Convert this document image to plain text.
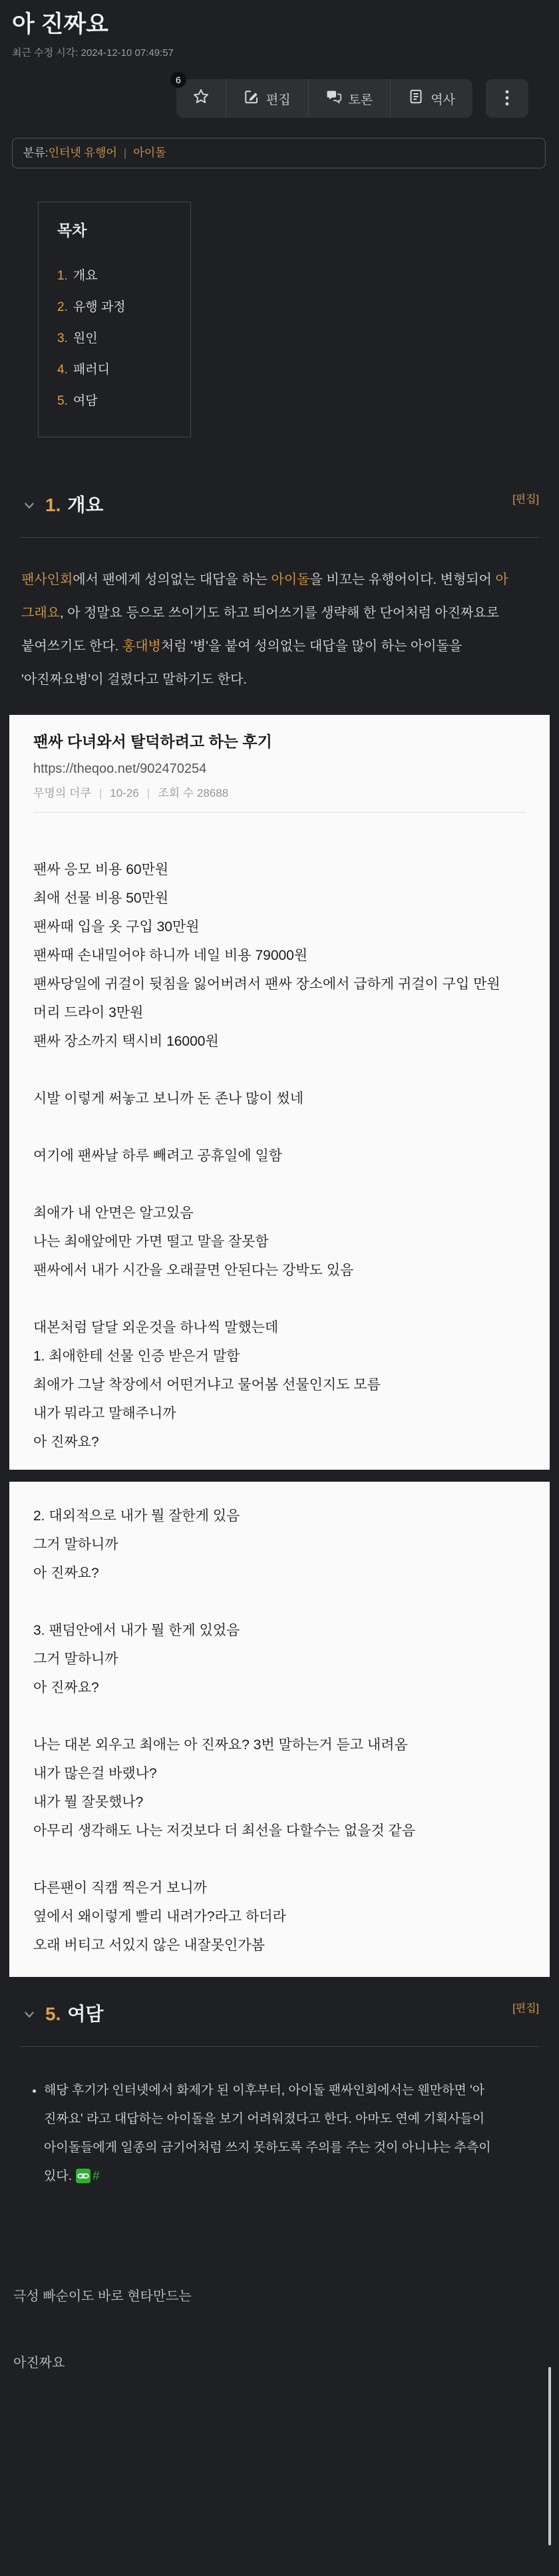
아 진짜요
최근 수정 시각: 2024-12-10 07:49:57
6
편집	토론	역사
분류:인터넷 유행어 | 아이돌
목차
1. 개요
2. 유행 과정
3. 원인
4. 패러디
5. 여담
1. 개요	[편집]

팬사인회에서 팬에게 성의없는 대답을 하는 아이돌을 비꼬는 유행어이다. 변형되어 아 그래요, 아 정말요 등으로 쓰이기도 하고 띄어쓰기를 생략해 한 단어처럼 아진짜요로 붙여쓰기도 한다. 홍대병처럼 '병'을 붙여 성의없는 대답을 많이 하는 아이돌을 '아진짜요병'이 걸렸다고 말하기도 한다.

팬싸 다녀와서 탈덕하려고 하는 후기
https://theqoo.net/902470254
무명의 더쿠 | 10-26 | 조회 수 28688
팬싸 응모 비용 60만원
최애 선물 비용 50만원
팬싸때 입을 옷 구입 30만원
팬싸때 손내밀어야 하니까 네일 비용 79000원
팬싸당일에 귀걸이 뒷침을 잃어버려서 팬싸 장소에서 급하게 귀걸이 구입 만원
머리 드라이 3만원
팬싸 장소까지 택시비 16000원

시발 이렇게 써놓고 보니까 돈 존나 많이 썼네

여기에 팬싸날 하루 빼려고 공휴일에 일함

최애가 내 안면은 알고있음
나는 최애앞에만 가면 떨고 말을 잘못함
팬싸에서 내가 시간을 오래끌면 안된다는 강박도 있음

대본처럼 달달 외운것을 하나씩 말했는데
1. 최애한테 선물 인증 받은거 말함
최애가 그날 착장에서 어떤거냐고 물어봄 선물인지도 모름
내가 뭐라고 말해주니까
아 진짜요?
2. 대외적으로 내가 뭘 잘한게 있음
그거 말하니까
아 진짜요?

3. 팬덤안에서 내가 뭘 한게 있었음
그거 말하니까
아 진짜요?

나는 대본 외우고 최애는 아 진짜요? 3번 말하는거 듣고 내려옴
내가 많은걸 바랬나?
내가 뭘 잘못했나?
아무리 생각해도 나는 저것보다 더 최선을 다할수는 없을것 같음

다른팬이 직캠 찍은거 보니까
옆에서 왜이렇게 빨리 내려가?라고 하더라
오래 버티고 서있지 않은 내잘못인가봄
5. 여담	[편집]
• 해당 후기가 인터넷에서 화제가 된 이후부터, 아이돌 팬싸인회에서는 웬만하면 '아 진짜요' 라고 대답하는 아이돌을 보기 어려워졌다고 한다. 아마도 연예 기획사들이 아이돌들에게 일종의 금기어처럼 쓰지 못하도록 주의를 주는 것이 아니냐는 추측이 있다. #
극성 빠순이도 바로 현타만드는
아진짜요
